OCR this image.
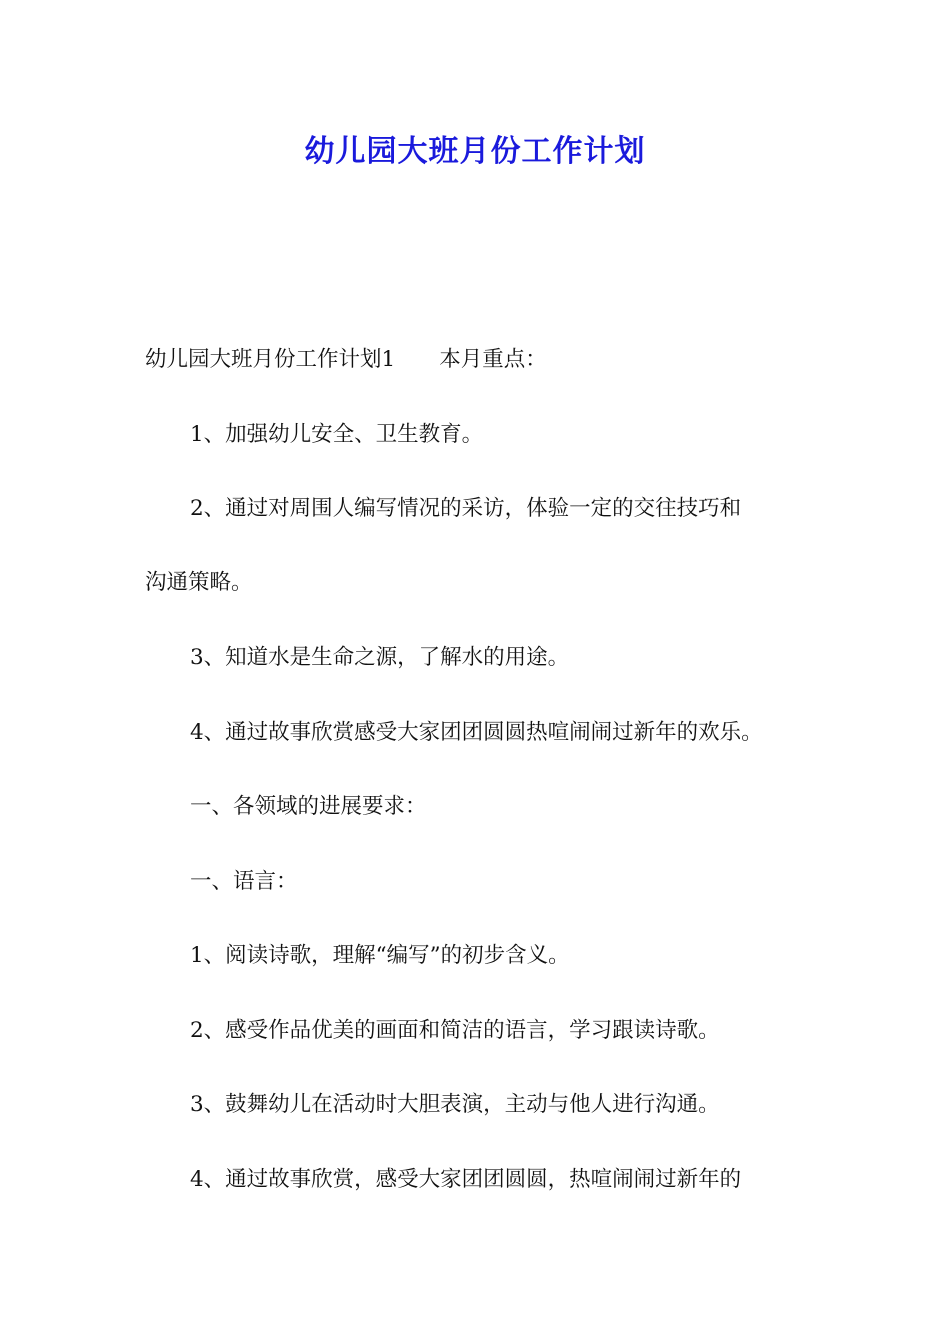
幼儿园大班月份工作计划
幼儿园大班月份工作计划1 本月重点：
1、加强幼儿安全、卫生教育。
2、通过对周围人编写情况的采访，体验一定的交往技巧和
沟通策略。
3、知道水是生命之源，了解水的用途。
4、通过故事欣赏感受大家团团圆圆热喧闹闹过新年的欢乐。
一、各领域的进展要求：
一、语言：
1、阅读诗歌，理解“编写”的初步含义。
2、感受作品优美的画面和简洁的语言，学习跟读诗歌。
3、鼓舞幼儿在活动时大胆表演，主动与他人进行沟通。
4、通过故事欣赏，感受大家团团圆圆，热喧闹闹过新年的
